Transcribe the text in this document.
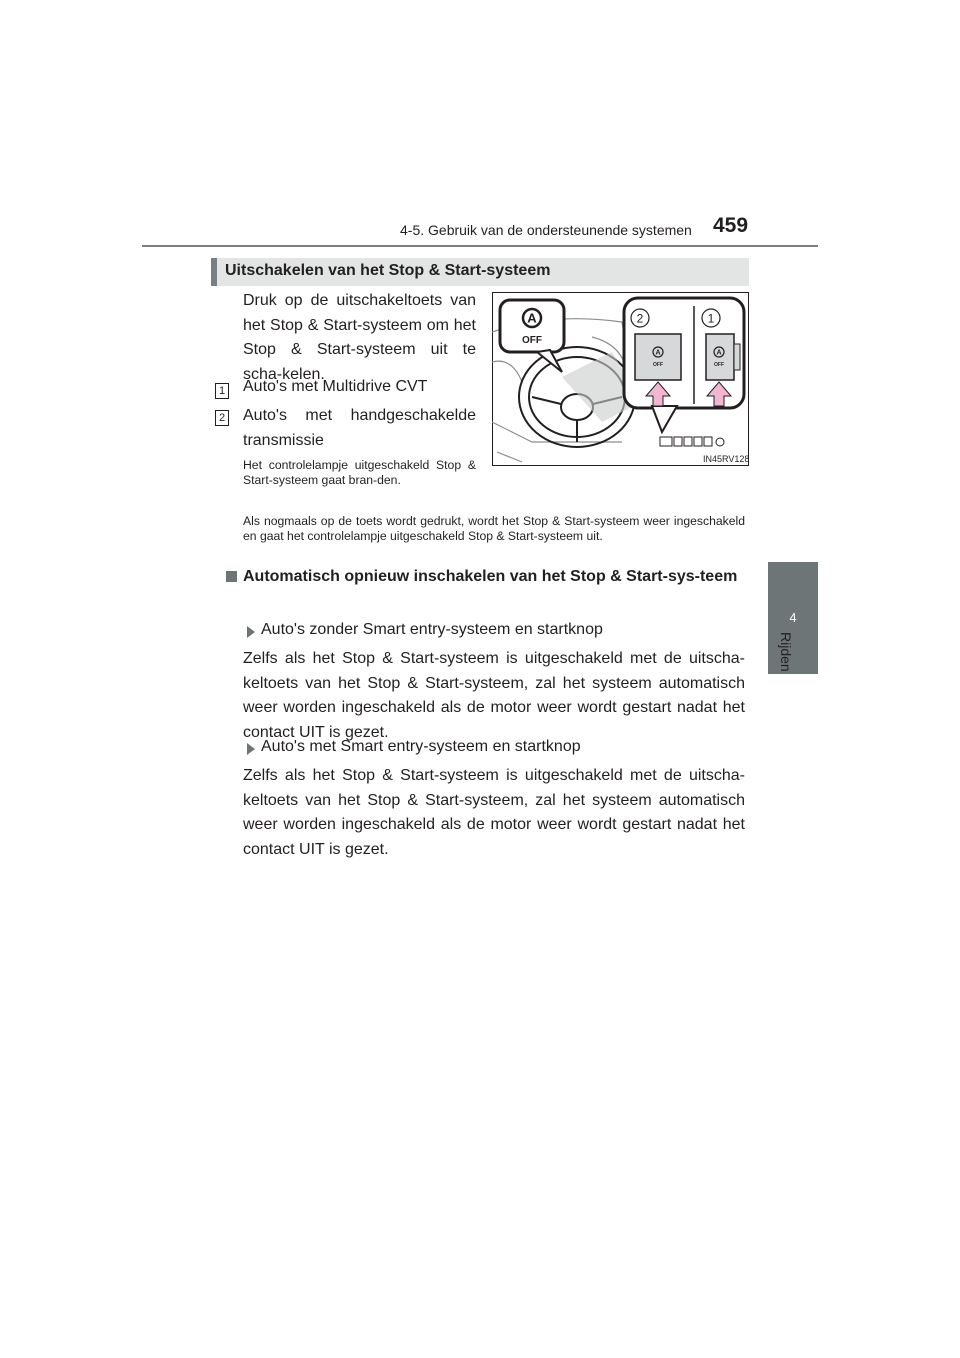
4-5. Gebruik van de ondersteunende systemen 459
4
Rijden
Uitschakelen van het Stop & Start-systeem
Druk op de uitschakeltoets van het Stop & Start-systeem om het Stop & Start-systeem uit te scha-kelen.
1 Auto's met Multidrive CVT
2 Auto's met handgeschakelde transmissie
Het controlelampje uitgeschakeld Stop & Start-systeem gaat bran-den.
Als nogmaals op de toets wordt gedrukt, wordt het Stop & Start-systeem weer ingeschakeld en gaat het controlelampje uitgeschakeld Stop & Start-systeem uit.
A
OFF
2	1
A
OFF
A
OFF
IN45RV128
Automatisch opnieuw inschakelen van het Stop & Start-sys-teem
Auto's zonder Smart entry-systeem en startknop
Zelfs als het Stop & Start-systeem is uitgeschakeld met de uitscha-keltoets van het Stop & Start-systeem, zal het systeem automatisch weer worden ingeschakeld als de motor weer wordt gestart nadat het contact UIT is gezet.
Auto's met Smart entry-systeem en startknop
Zelfs als het Stop & Start-systeem is uitgeschakeld met de uitscha-keltoets van het Stop & Start-systeem, zal het systeem automatisch weer worden ingeschakeld als de motor weer wordt gestart nadat het contact UIT is gezet.
